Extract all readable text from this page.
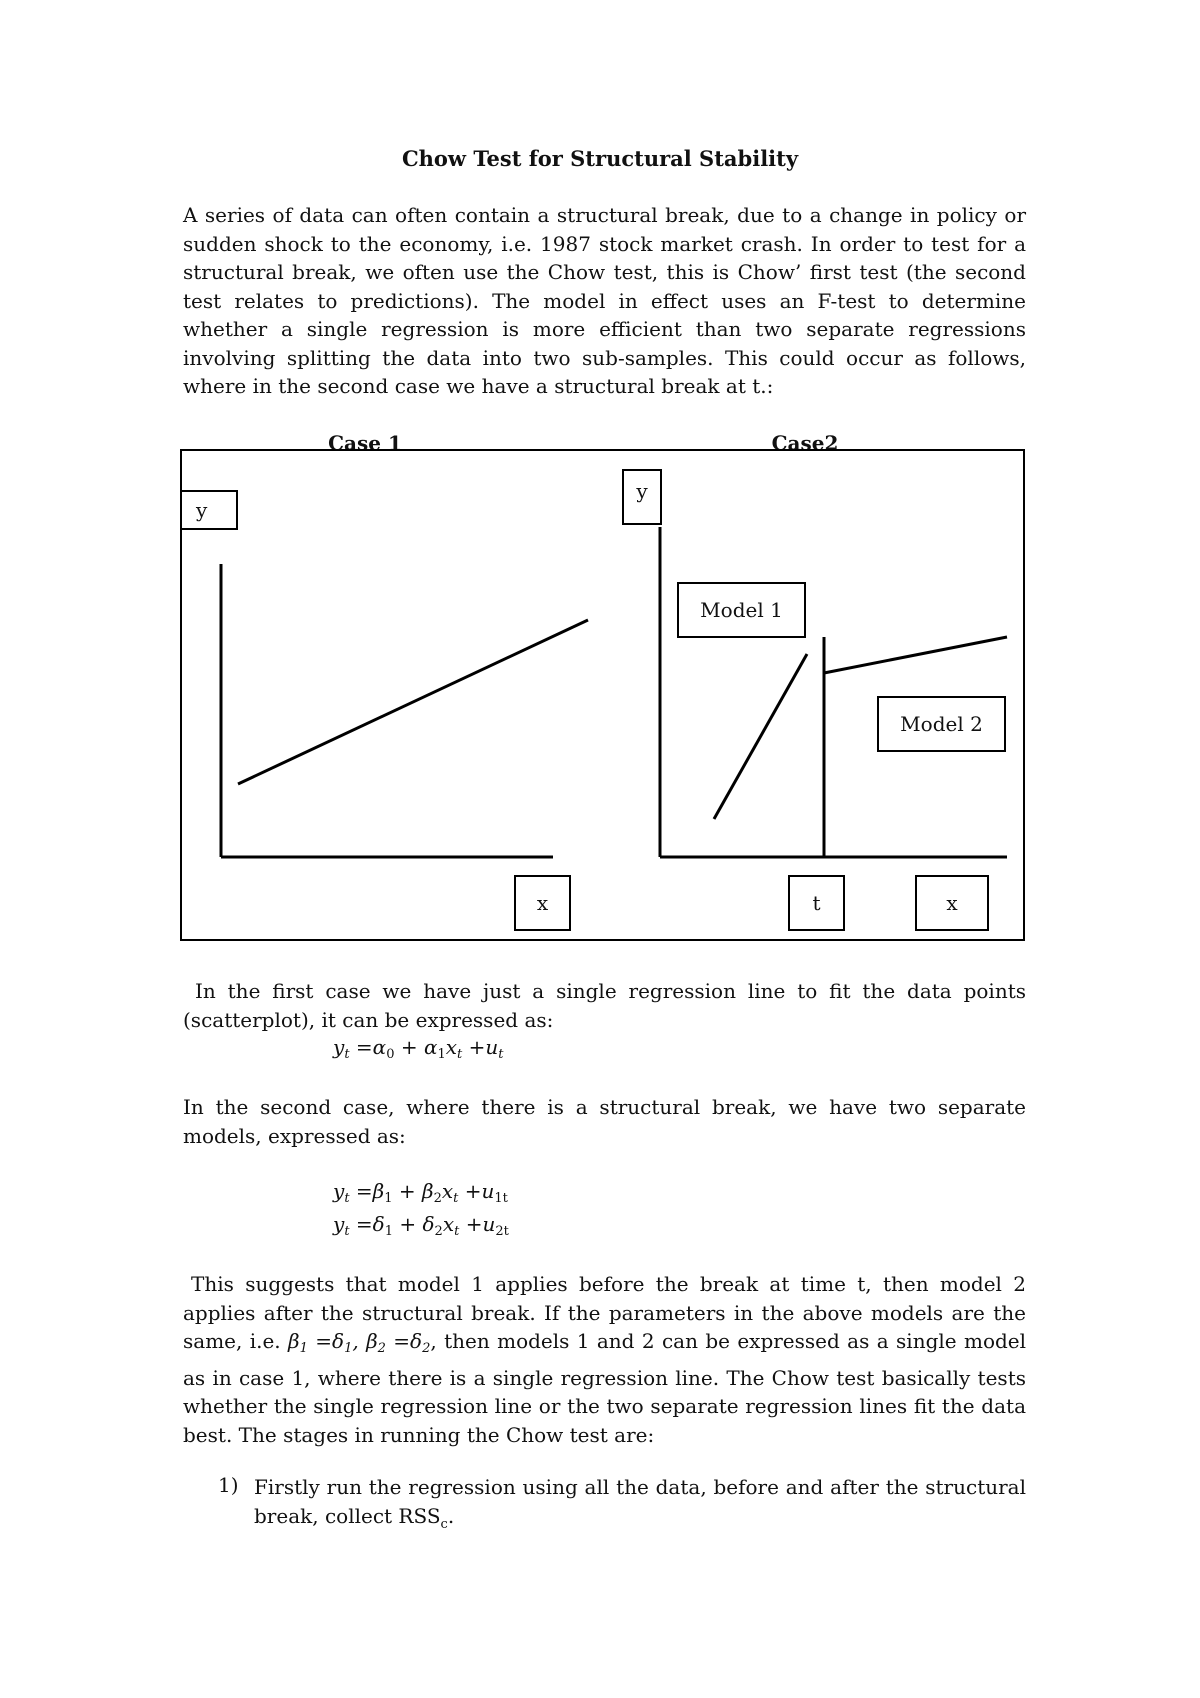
Chow Test for Structural Stability

A series of data can often contain a structural break, due to a change in policy or sudden shock to the economy, i.e. 1987 stock market crash. In order to test for a structural break, we often use the Chow test, this is Chow’ first test (the second test relates to predictions). The model in effect uses an F-test to determine whether a single regression is more efficient than two separate regressions involving splitting the data into two sub-samples. This could occur as follows, where in the second case we have a structural break at t.:

Case 1	Case2
y
y
x	t	x
Model 1
Model 2

In the first case we have just a single regression line to fit the data points (scatterplot), it can be expressed as:

$y_t =\alpha_0 + \alpha_1x_t +u_t$

In the second case, where there is a structural break, we have two separate models, expressed as:

$y_t =\beta_1 + \beta_2x_t +u_{1t}$
$y_t =\delta_1 + \delta_2x_t +u_{2t}$

This suggests that model 1 applies before the break at time t, then model 2 applies after the structural break. If the parameters in the above models are the same, i.e. $\beta_1 =\delta_1$, $\beta_2 =\delta_2$, then models 1 and 2 can be expressed as a single model as in case 1, where there is a single regression line. The Chow test basically tests whether the single regression line or the two separate regression lines fit the data best. The stages in running the Chow test are:

1) Firstly run the regression using all the data, before and after the structural break, collect $RSS_c$.
